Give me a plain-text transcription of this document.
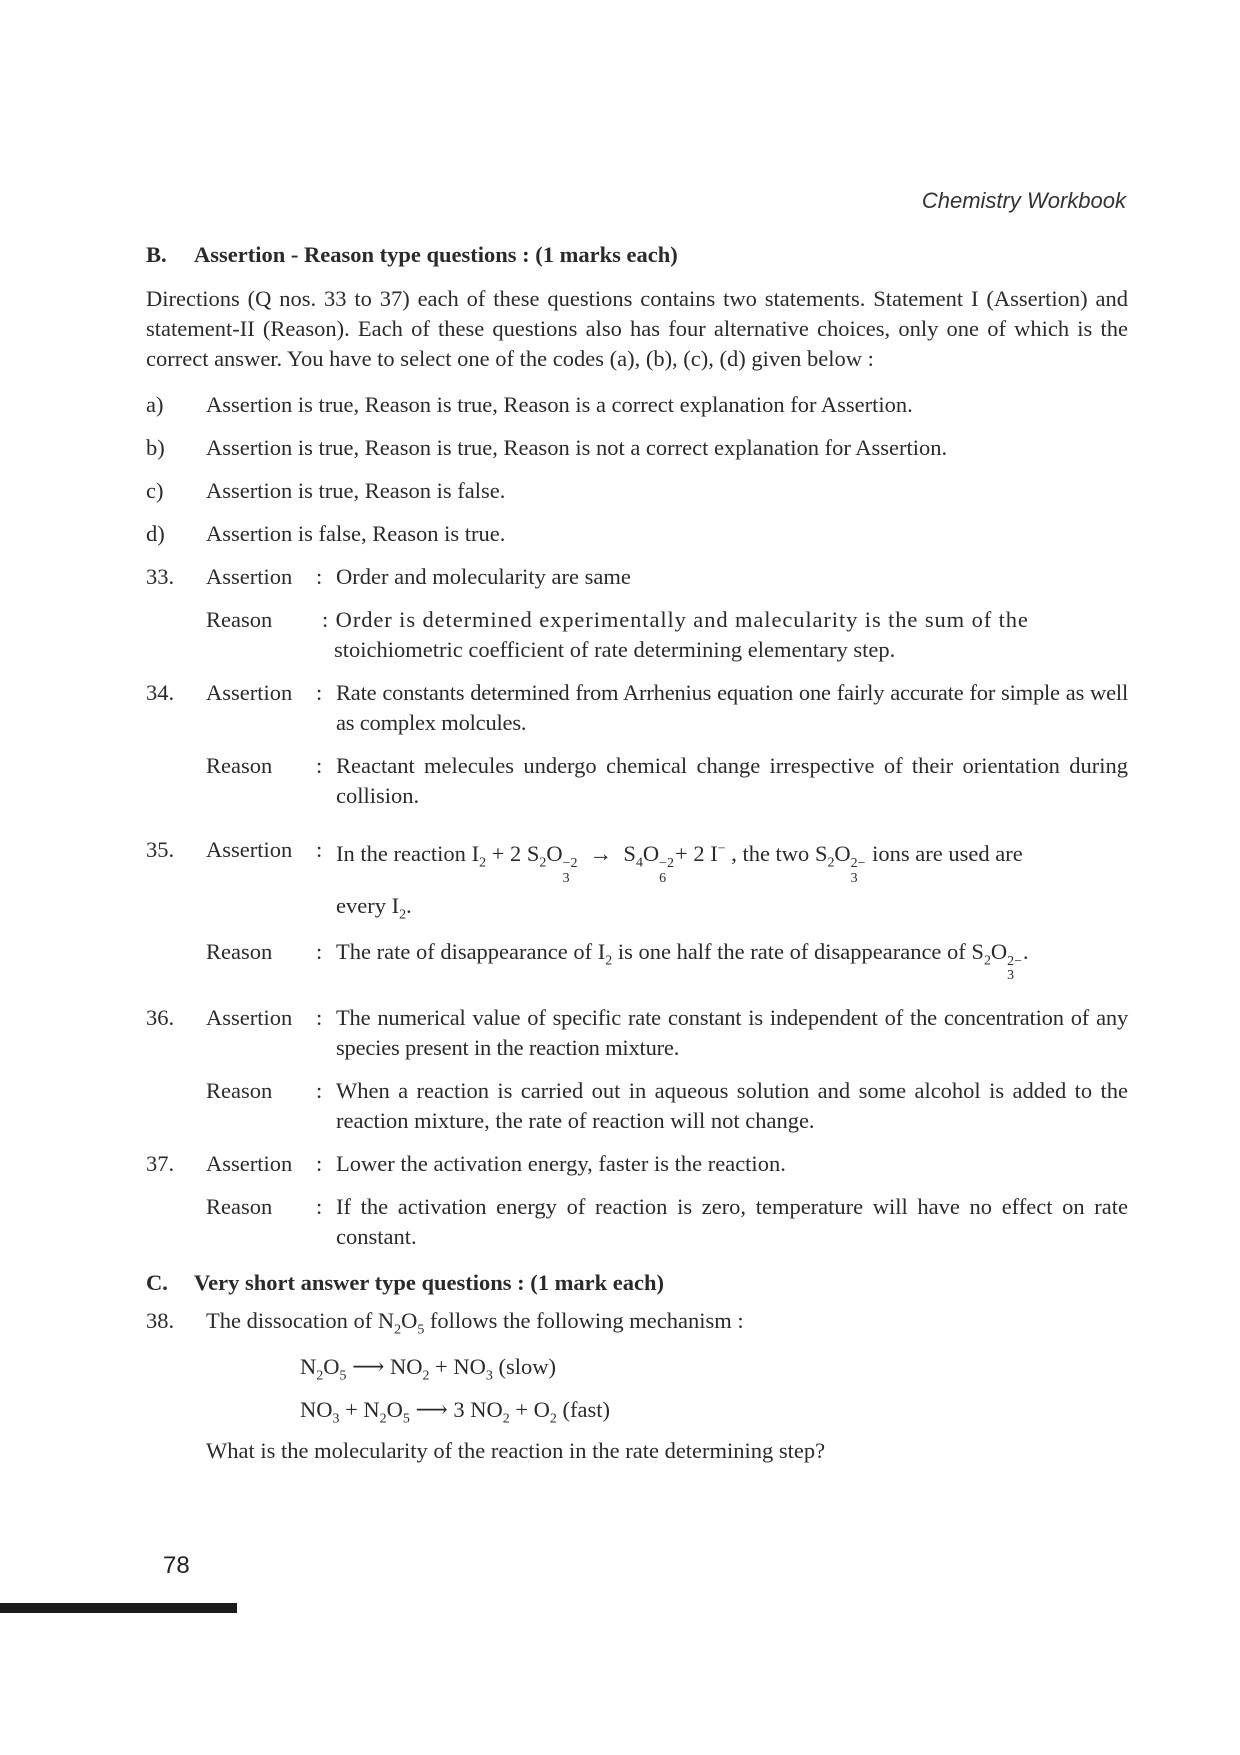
Chemistry Workbook
B.	Assertion - Reason type questions : (1 marks each)
Directions (Q nos. 33 to 37) each of these questions contains two statements. Statement I (Assertion) and statement-II (Reason). Each of these questions also has four alternative choices, only one of which is the correct answer. You have to select one of the codes (a), (b), (c), (d) given below :
a)	Assertion is true, Reason is true, Reason is a correct explanation for Assertion.
b)	Assertion is true, Reason is true, Reason is not a correct explanation for Assertion.
c)	Assertion is true, Reason is false.
d)	Assertion is false, Reason is true.
33.	Assertion	: Order and molecularity are same
Reason	: Order is determined experimentally and malecularity is the sum of the
stoichiometric coefficient of rate determining elementary step.
34.	Assertion	: Rate constants determined from Arrhenius equation one fairly accurate for simple as well as complex molcules.
Reason	: Reactant melecules undergo chemical change irrespective of their orientation during collision.
35.	Assertion	: In the reaction $I_2 + 2$ $S_2O -2$
3
→  $S_4O -2$
6
+ 2 I− , the two $S_2O$ 2−
3
ions are used are
every $I_2$.
Reason	: The rate of disappearance of $I_2$ is one half the rate of disappearance of $S_2O$ 2−
3
.
36.	Assertion	: The numerical value of specific rate constant is independent of the concentration of any species present in the reaction mixture.
Reason	: When a reaction is carried out in aqueous solution and some alcohol is added to the reaction mixture, the rate of reaction will not change.
37.	Assertion	: Lower the activation energy, faster is the reaction.
Reason	: If the activation energy of reaction is zero, temperature will have no effect on rate constant.
C.	Very short answer type questions : (1 mark each)
38.	The dissocation of $N_2O_5$ follows the following mechanism :
$N_2O_5$ ⟶ $NO_2 + NO_3$ (slow)
$NO_3 + N_2O_5$ ⟶ 3 $NO_2 + O_2$ (fast)
What is the molecularity of the reaction in the rate determining step?
78
